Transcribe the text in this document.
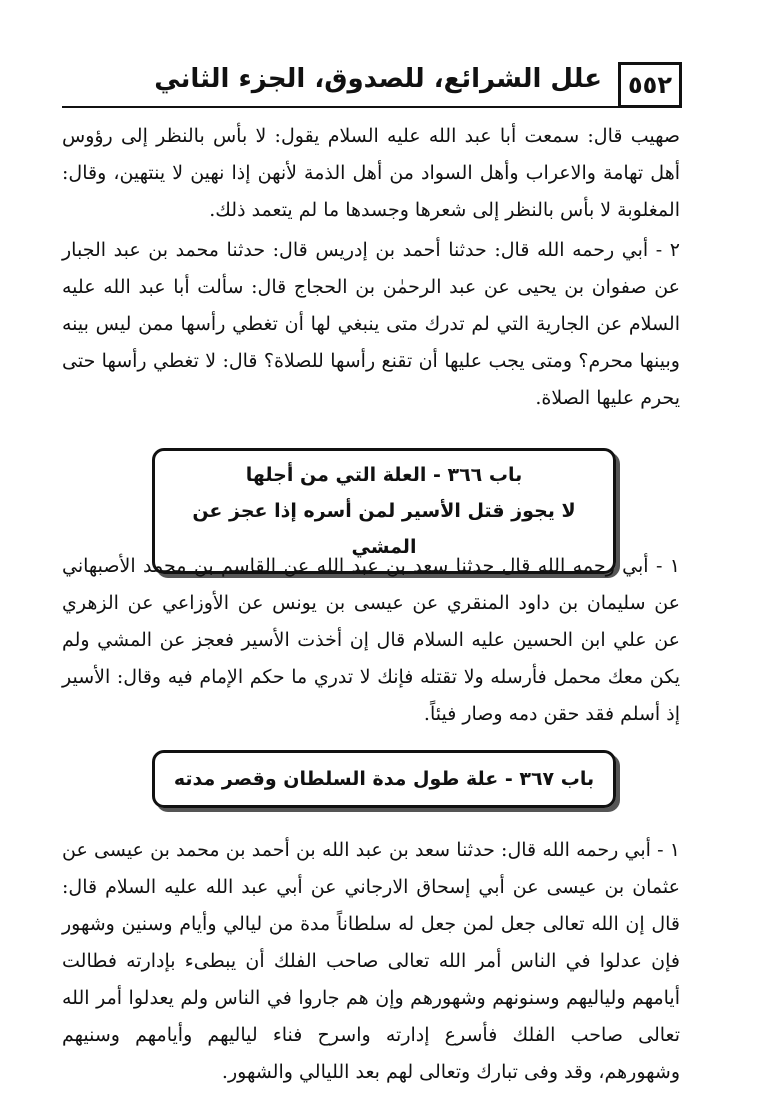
٥٥٢
علل الشرائع، للصدوق، الجزء الثاني

صهيب قال: سمعت أبا عبد الله عليه السلام يقول: لا بأس بالنظر إلى رؤوس أهل تهامة والاعراب وأهل السواد من أهل الذمة لأنهن إذا نهين لا ينتهين، وقال: المغلوبة لا بأس بالنظر إلى شعرها وجسدها ما لم يتعمد ذلك.

٢ - أبي رحمه الله قال: حدثنا أحمد بن إدريس قال: حدثنا محمد بن عبد الجبار عن صفوان بن يحيى عن عبد الرحمٰن بن الحجاج قال: سألت أبا عبد الله عليه السلام عن الجارية التي لم تدرك متى ينبغي لها أن تغطي رأسها ممن ليس بينه وبينها محرم؟ ومتى يجب عليها أن تقنع رأسها للصلاة؟ قال: لا تغطي رأسها حتى يحرم عليها الصلاة.

باب ٣٦٦ - العلة التي من أجلها
لا يجوز قتل الأسير لمن أسره إذا عجز عن المشي

١ - أبي رحمه الله قال حدثنا سعد بن عبد الله عن القاسم بن محمد الأصبهاني عن سليمان بن داود المنقري عن عيسى بن يونس عن الأوزاعي عن الزهري عن علي ابن الحسين عليه السلام قال إن أخذت الأسير فعجز عن المشي ولم يكن معك محمل فأرسله ولا تقتله فإنك لا تدري ما حكم الإمام فيه وقال: الأسير إذ أسلم فقد حقن دمه وصار فيئاً.

باب ٣٦٧ - علة طول مدة السلطان وقصر مدته

١ - أبي رحمه الله قال: حدثنا سعد بن عبد الله بن أحمد بن محمد بن عيسى عن عثمان بن عيسى عن أبي إسحاق الارجاني عن أبي عبد الله عليه السلام قال: قال إن الله تعالى جعل لمن جعل له سلطاناً مدة من ليالي وأيام وسنين وشهور فإن عدلوا في الناس أمر الله تعالى صاحب الفلك أن يبطىء بإدارته فطالت أيامهم ولياليهم وسنونهم وشهورهم وإن هم جاروا في الناس ولم يعدلوا أمر الله تعالى صاحب الفلك فأسرع إدارته واسرح فناء لياليهم وأيامهم وسنيهم وشهورهم، وقد وفى تبارك وتعالى لهم بعد الليالي والشهور.
